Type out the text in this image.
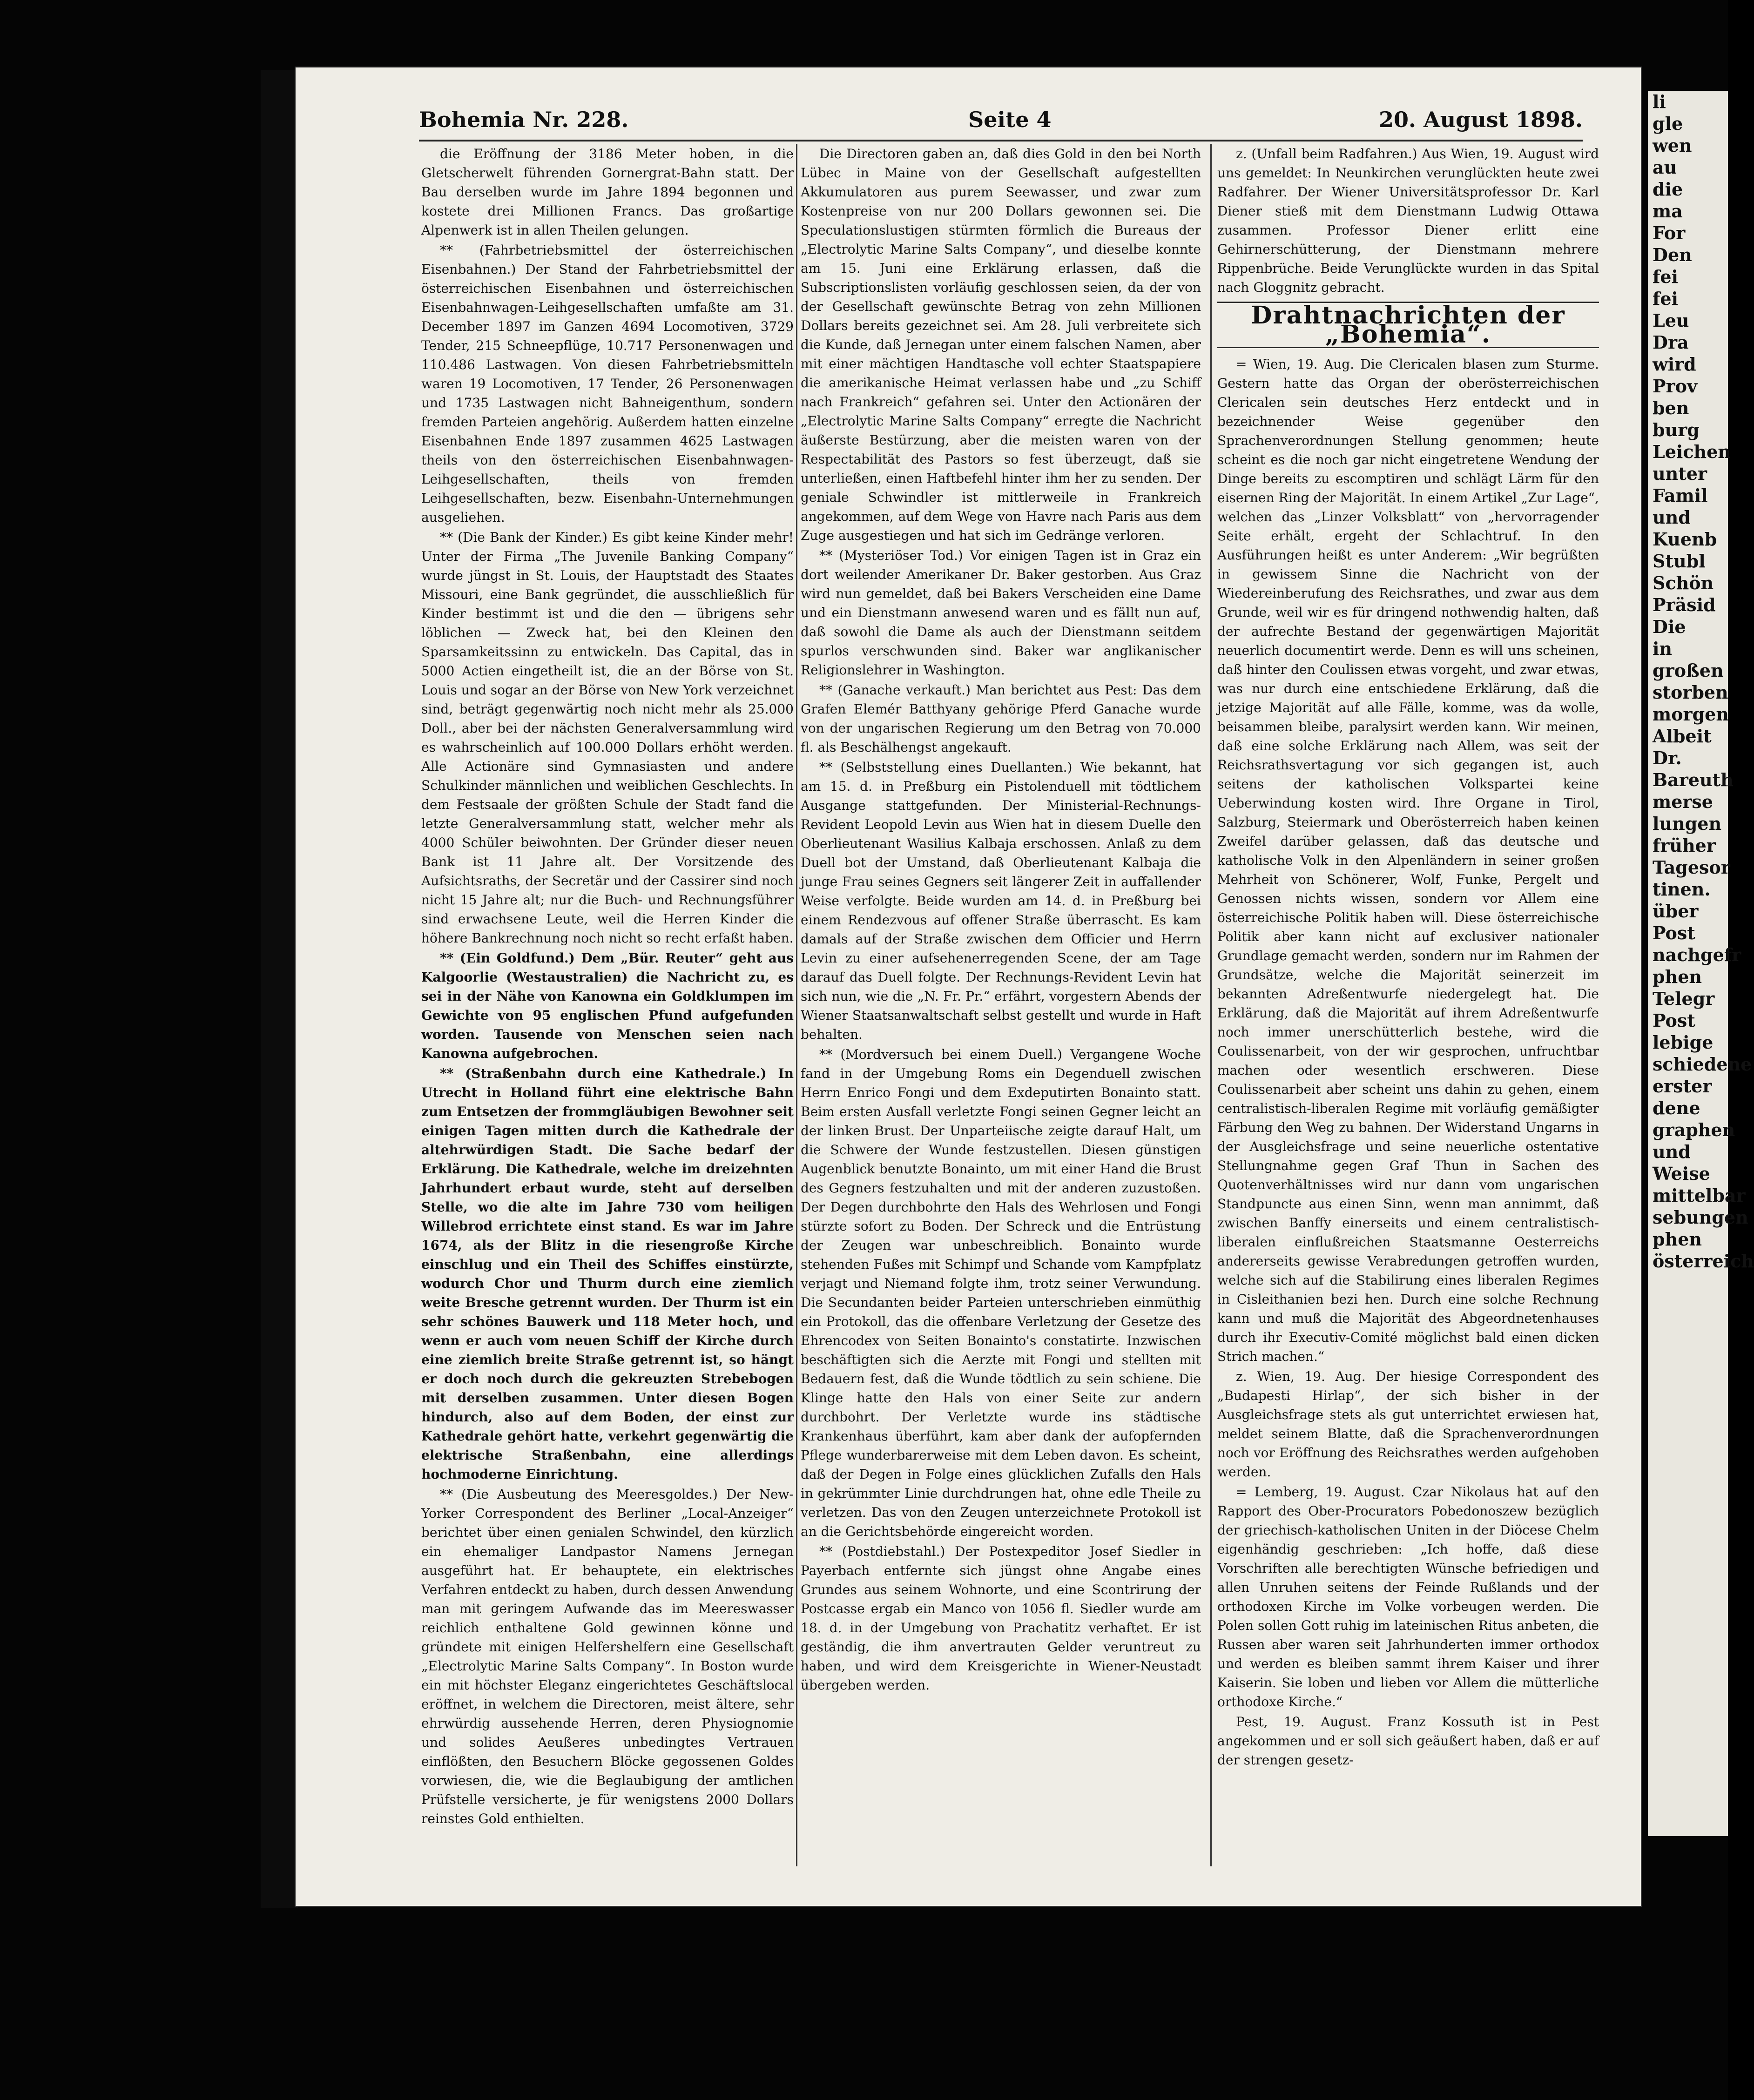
Bohemia Nr. 228.	Seite 4	20. August 1898.

die Eröffnung der 3186 Meter hoben, in die Gletscherwelt führenden Gornergrat-Bahn statt. Der Bau derselben wurde im Jahre 1894 begonnen und kostete drei Millionen Francs. Das großartige Alpenwerk ist in allen Theilen gelungen.

** (Fahrbetriebsmittel der österreichischen Eisenbahnen.) Der Stand der Fahrbetriebsmittel der österreichischen Eisenbahnen und österreichischen Eisenbahnwagen-Leihgesellschaften umfaßte am 31. December 1897 im Ganzen 4694 Locomotiven, 3729 Tender, 215 Schneepflüge, 10.717 Personenwagen und 110.486 Lastwagen. Von diesen Fahrbetriebsmitteln waren 19 Locomotiven, 17 Tender, 26 Personenwagen und 1735 Lastwagen nicht Bahneigenthum, sondern fremden Parteien angehörig. Außerdem hatten einzelne Eisenbahnen Ende 1897 zusammen 4625 Lastwagen theils von den österreichischen Eisenbahnwagen-Leihgesellschaften, theils von fremden Leihgesellschaften, bezw. Eisenbahn-Unternehmungen ausgeliehen.

** (Die Bank der Kinder.) Es gibt keine Kinder mehr! Unter der Firma „The Juvenile Banking Company“ wurde jüngst in St. Louis, der Hauptstadt des Staates Missouri, eine Bank gegründet, die ausschließlich für Kinder bestimmt ist und die den — übrigens sehr löblichen — Zweck hat, bei den Kleinen den Sparsamkeitssinn zu entwickeln. Das Capital, das in 5000 Actien eingetheilt ist, die an der Börse von St. Louis und sogar an der Börse von New York verzeichnet sind, beträgt gegenwärtig noch nicht mehr als 25.000 Doll., aber bei der nächsten Generalversammlung wird es wahrscheinlich auf 100.000 Dollars erhöht werden. Alle Actionäre sind Gymnasiasten und andere Schulkinder männlichen und weiblichen Geschlechts. In dem Festsaale der größten Schule der Stadt fand die letzte Generalversammlung statt, welcher mehr als 4000 Schüler beiwohnten. Der Gründer dieser neuen Bank ist 11 Jahre alt. Der Vorsitzende des Aufsichtsraths, der Secretär und der Cassirer sind noch nicht 15 Jahre alt; nur die Buch- und Rechnungsführer sind erwachsene Leute, weil die Herren Kinder die höhere Bankrechnung noch nicht so recht erfaßt haben.

** (Ein Goldfund.) Dem „Bür. Reuter“ geht aus Kalgoorlie (Westaustralien) die Nachricht zu, es sei in der Nähe von Kanowna ein Goldklumpen im Gewichte von 95 englischen Pfund aufgefunden worden. Tausende von Menschen seien nach Kanowna aufgebrochen.

** (Straßenbahn durch eine Kathedrale.) In Utrecht in Holland führt eine elektrische Bahn zum Entsetzen der frommgläubigen Bewohner seit einigen Tagen mitten durch die Kathedrale der altehrwürdigen Stadt. Die Sache bedarf der Erklärung. Die Kathedrale, welche im dreizehnten Jahrhundert erbaut wurde, steht auf derselben Stelle, wo die alte im Jahre 730 vom heiligen Willebrod errichtete einst stand. Es war im Jahre 1674, als der Blitz in die riesengroße Kirche einschlug und ein Theil des Schiffes einstürzte, wodurch Chor und Thurm durch eine ziemlich weite Bresche getrennt wurden. Der Thurm ist ein sehr schönes Bauwerk und 118 Meter hoch, und wenn er auch vom neuen Schiff der Kirche durch eine ziemlich breite Straße getrennt ist, so hängt er doch noch durch die gekreuzten Strebebogen mit derselben zusammen. Unter diesen Bogen hindurch, also auf dem Boden, der einst zur Kathedrale gehört hatte, verkehrt gegenwärtig die elektrische Straßenbahn, eine allerdings hochmoderne Einrichtung.

** (Die Ausbeutung des Meeresgoldes.) Der New-Yorker Correspondent des Berliner „Local-Anzeiger“ berichtet über einen genialen Schwindel, den kürzlich ein ehemaliger Landpastor Namens Jernegan ausgeführt hat. Er behauptete, ein elektrisches Verfahren entdeckt zu haben, durch dessen Anwendung man mit geringem Aufwande das im Meereswasser reichlich enthaltene Gold gewinnen könne und gründete mit einigen Helfershelfern eine Gesellschaft „Electrolytic Marine Salts Company“. In Boston wurde ein mit höchster Eleganz eingerichtetes Geschäftslocal eröffnet, in welchem die Directoren, meist ältere, sehr ehrwürdig aussehende Herren, deren Physiognomie und solides Aeußeres unbedingtes Vertrauen einflößten, den Besuchern Blöcke gegossenen Goldes vorwiesen, die, wie die Beglaubigung der amtlichen Prüfstelle versicherte, je für wenigstens 2000 Dollars reinstes Gold enthielten.

Die Directoren gaben an, daß dies Gold in den bei North Lübec in Maine von der Gesellschaft aufgestellten Akkumulatoren aus purem Seewasser, und zwar zum Kostenpreise von nur 200 Dollars gewonnen sei. Die Speculationslustigen stürmten förmlich die Bureaus der „Electrolytic Marine Salts Company“, und dieselbe konnte am 15. Juni eine Erklärung erlassen, daß die Subscriptionslisten vorläufig geschlossen seien, da der von der Gesellschaft gewünschte Betrag von zehn Millionen Dollars bereits gezeichnet sei. Am 28. Juli verbreitete sich die Kunde, daß Jernegan unter einem falschen Namen, aber mit einer mächtigen Handtasche voll echter Staatspapiere die amerikanische Heimat verlassen habe und „zu Schiff nach Frankreich“ gefahren sei. Unter den Actionären der „Electrolytic Marine Salts Company“ erregte die Nachricht äußerste Bestürzung, aber die meisten waren von der Respectabilität des Pastors so fest überzeugt, daß sie unterließen, einen Haftbefehl hinter ihm her zu senden. Der geniale Schwindler ist mittlerweile in Frankreich angekommen, auf dem Wege von Havre nach Paris aus dem Zuge ausgestiegen und hat sich im Gedränge verloren.

** (Mysteriöser Tod.) Vor einigen Tagen ist in Graz ein dort weilender Amerikaner Dr. Baker gestorben. Aus Graz wird nun gemeldet, daß bei Bakers Verscheiden eine Dame und ein Dienstmann anwesend waren und es fällt nun auf, daß sowohl die Dame als auch der Dienstmann seitdem spurlos verschwunden sind. Baker war anglikanischer Religionslehrer in Washington.

** (Ganache verkauft.) Man berichtet aus Pest: Das dem Grafen Elemér Batthyany gehörige Pferd Ganache wurde von der ungarischen Regierung um den Betrag von 70.000 fl. als Beschälhengst angekauft.

** (Selbststellung eines Duellanten.) Wie bekannt, hat am 15. d. in Preßburg ein Pistolenduell mit tödtlichem Ausgange stattgefunden. Der Ministerial-Rechnungs-Revident Leopold Levin aus Wien hat in diesem Duelle den Oberlieutenant Wasilius Kalbaja erschossen. Anlaß zu dem Duell bot der Umstand, daß Oberlieutenant Kalbaja die junge Frau seines Gegners seit längerer Zeit in auffallender Weise verfolgte. Beide wurden am 14. d. in Preßburg bei einem Rendezvous auf offener Straße überrascht. Es kam damals auf der Straße zwischen dem Officier und Herrn Levin zu einer aufsehenerregenden Scene, der am Tage darauf das Duell folgte. Der Rechnungs-Revident Levin hat sich nun, wie die „N. Fr. Pr.“ erfährt, vorgestern Abends der Wiener Staatsanwaltschaft selbst gestellt und wurde in Haft behalten.

** (Mordversuch bei einem Duell.) Vergangene Woche fand in der Umgebung Roms ein Degenduell zwischen Herrn Enrico Fongi und dem Exdeputirten Bonainto statt. Beim ersten Ausfall verletzte Fongi seinen Gegner leicht an der linken Brust. Der Unparteiische zeigte darauf Halt, um die Schwere der Wunde festzustellen. Diesen günstigen Augenblick benutzte Bonainto, um mit einer Hand die Brust des Gegners festzuhalten und mit der anderen zuzustoßen. Der Degen durchbohrte den Hals des Wehrlosen und Fongi stürzte sofort zu Boden. Der Schreck und die Entrüstung der Zeugen war unbeschreiblich. Bonainto wurde stehenden Fußes mit Schimpf und Schande vom Kampfplatz verjagt und Niemand folgte ihm, trotz seiner Verwundung. Die Secundanten beider Parteien unterschrieben einmüthig ein Protokoll, das die offenbare Verletzung der Gesetze des Ehrencodex von Seiten Bonainto's constatirte. Inzwischen beschäftigten sich die Aerzte mit Fongi und stellten mit Bedauern fest, daß die Wunde tödtlich zu sein schiene. Die Klinge hatte den Hals von einer Seite zur andern durchbohrt. Der Verletzte wurde ins städtische Krankenhaus überführt, kam aber dank der aufopfernden Pflege wunderbarerweise mit dem Leben davon. Es scheint, daß der Degen in Folge eines glücklichen Zufalls den Hals in gekrümmter Linie durchdrungen hat, ohne edle Theile zu verletzen. Das von den Zeugen unterzeichnete Protokoll ist an die Gerichtsbehörde eingereicht worden.

** (Postdiebstahl.) Der Postexpeditor Josef Siedler in Payerbach entfernte sich jüngst ohne Angabe eines Grundes aus seinem Wohnorte, und eine Scontrirung der Postcasse ergab ein Manco von 1056 fl. Siedler wurde am 18. d. in der Umgebung von Prachatitz verhaftet. Er ist geständig, die ihm anvertrauten Gelder veruntreut zu haben, und wird dem Kreisgerichte in Wiener-Neustadt übergeben werden.

z. (Unfall beim Radfahren.) Aus Wien, 19. August wird uns gemeldet: In Neunkirchen verunglückten heute zwei Radfahrer. Der Wiener Universitätsprofessor Dr. Karl Diener stieß mit dem Dienstmann Ludwig Ottawa zusammen. Professor Diener erlitt eine Gehirnerschütterung, der Dienstmann mehrere Rippenbrüche. Beide Verunglückte wurden in das Spital nach Gloggnitz gebracht.

Drahtnachrichten der „Bohemia“.

= Wien, 19. Aug. Die Clericalen blasen zum Sturme. Gestern hatte das Organ der oberösterreichischen Clericalen sein deutsches Herz entdeckt und in bezeichnender Weise gegenüber den Sprachenverordnungen Stellung genommen; heute scheint es die noch gar nicht eingetretene Wendung der Dinge bereits zu escomptiren und schlägt Lärm für den eisernen Ring der Majorität. In einem Artikel „Zur Lage“, welchen das „Linzer Volksblatt“ von „hervorragender Seite erhält, ergeht der Schlachtruf. In den Ausführungen heißt es unter Anderem: „Wir begrüßten in gewissem Sinne die Nachricht von der Wiedereinberufung des Reichsrathes, und zwar aus dem Grunde, weil wir es für dringend nothwendig halten, daß der aufrechte Bestand der gegenwärtigen Majorität neuerlich documentirt werde. Denn es will uns scheinen, daß hinter den Coulissen etwas vorgeht, und zwar etwas, was nur durch eine entschiedene Erklärung, daß die jetzige Majorität auf alle Fälle, komme, was da wolle, beisammen bleibe, paralysirt werden kann. Wir meinen, daß eine solche Erklärung nach Allem, was seit der Reichsrathsvertagung vor sich gegangen ist, auch seitens der katholischen Volkspartei keine Ueberwindung kosten wird. Ihre Organe in Tirol, Salzburg, Steiermark und Oberösterreich haben keinen Zweifel darüber gelassen, daß das deutsche und katholische Volk in den Alpenländern in seiner großen Mehrheit von Schönerer, Wolf, Funke, Pergelt und Genossen nichts wissen, sondern vor Allem eine österreichische Politik haben will. Diese österreichische Politik aber kann nicht auf exclusiver nationaler Grundlage gemacht werden, sondern nur im Rahmen der Grundsätze, welche die Majorität seinerzeit im bekannten Adreßentwurfe niedergelegt hat. Die Erklärung, daß die Majorität auf ihrem Adreßentwurfe noch immer unerschütterlich bestehe, wird die Coulissenarbeit, von der wir gesprochen, unfruchtbar machen oder wesentlich erschweren. Diese Coulissenarbeit aber scheint uns dahin zu gehen, einem centralistisch-liberalen Regime mit vorläufig gemäßigter Färbung den Weg zu bahnen. Der Widerstand Ungarns in der Ausgleichsfrage und seine neuerliche ostentative Stellungnahme gegen Graf Thun in Sachen des Quotenverhältnisses wird nur dann vom ungarischen Standpuncte aus einen Sinn, wenn man annimmt, daß zwischen Banffy einerseits und einem centralistisch-liberalen einflußreichen Staatsmanne Oesterreichs andererseits gewisse Verabredungen getroffen wurden, welche sich auf die Stabilirung eines liberalen Regimes in Cisleithanien bezi hen. Durch eine solche Rechnung kann und muß die Majorität des Abgeordnetenhauses durch ihr Executiv-Comité möglichst bald einen dicken Strich machen.“

z. Wien, 19. Aug. Der hiesige Correspondent des „Budapesti Hirlap“, der sich bisher in der Ausgleichsfrage stets als gut unterrichtet erwiesen hat, meldet seinem Blatte, daß die Sprachenverordnungen noch vor Eröffnung des Reichsrathes werden aufgehoben werden.

= Lemberg, 19. August. Czar Nikolaus hat auf den Rapport des Ober-Procurators Pobedonoszew bezüglich der griechisch-katholischen Uniten in der Diöcese Chelm eigenhändig geschrieben: „Ich hoffe, daß diese Vorschriften alle berechtigten Wünsche befriedigen und allen Unruhen seitens der Feinde Rußlands und der orthodoxen Kirche im Volke vorbeugen werden. Die Polen sollen Gott ruhig im lateinischen Ritus anbeten, die Russen aber waren seit Jahrhunderten immer orthodox und werden es bleiben sammt ihrem Kaiser und ihrer Kaiserin. Sie loben und lieben vor Allem die mütterliche orthodoxe Kirche.“

Pest, 19. August. Franz Kossuth ist in Pest angekommen und er soll sich geäußert haben, daß er auf der strengen gesetz-

li
gle
wen
au
die
ma
For
Den
fei
fei
Leu
Dra
wird
Prov
ben
burg
Leichen
unter
Famil
und
Kuenb
Stubl
Schön
Präsid
Die
in
großen
storben
morgen
Albeit
Dr.
Bareuth
merse
lungen
früher
Tagesor
tinen.
über
Post
nachgefr
phen
Telegr
Post
lebige
schiedene
erster
dene
graphen
und
Weise
mittelbar
sebungen
phen
österreich
